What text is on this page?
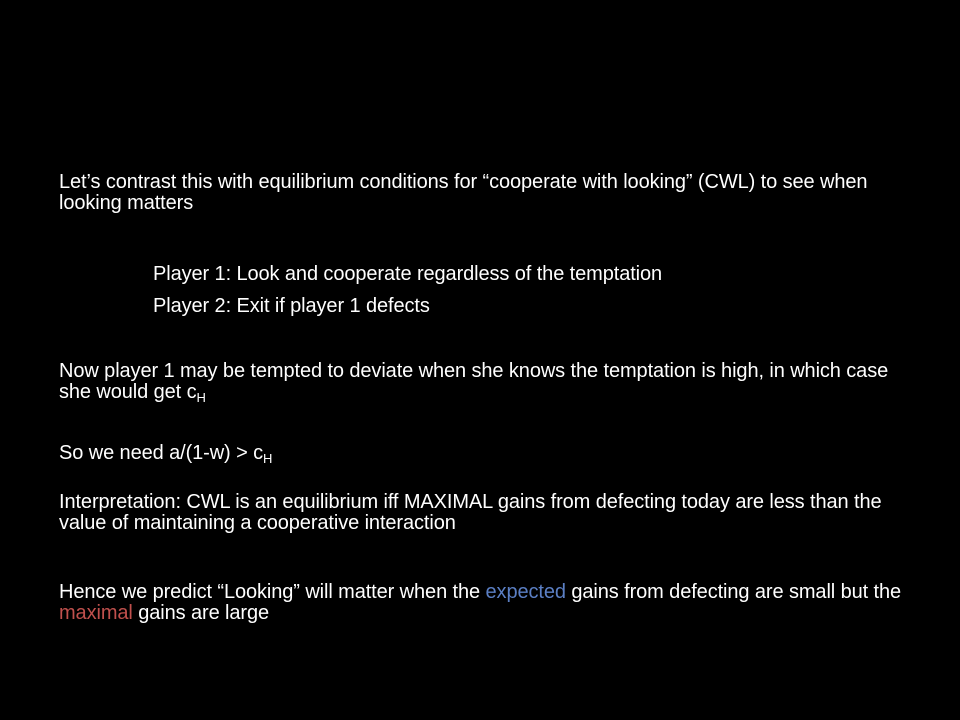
Let’s contrast this with equilibrium conditions for “cooperate with looking” (CWL) to see when looking matters
Player 1: Look and cooperate regardless of the temptation
Player 2: Exit if player 1 defects
Now player 1 may be tempted to deviate when she knows the temptation is high, in which case she would get $c_H$
So we need $a/(1-w) > c_H$
Interpretation: CWL is an equilibrium iff MAXIMAL gains from defecting today are less than the value of maintaining a cooperative interaction
Hence we predict “Looking” will matter when the expected gains from defecting are small but the maximal gains are large
